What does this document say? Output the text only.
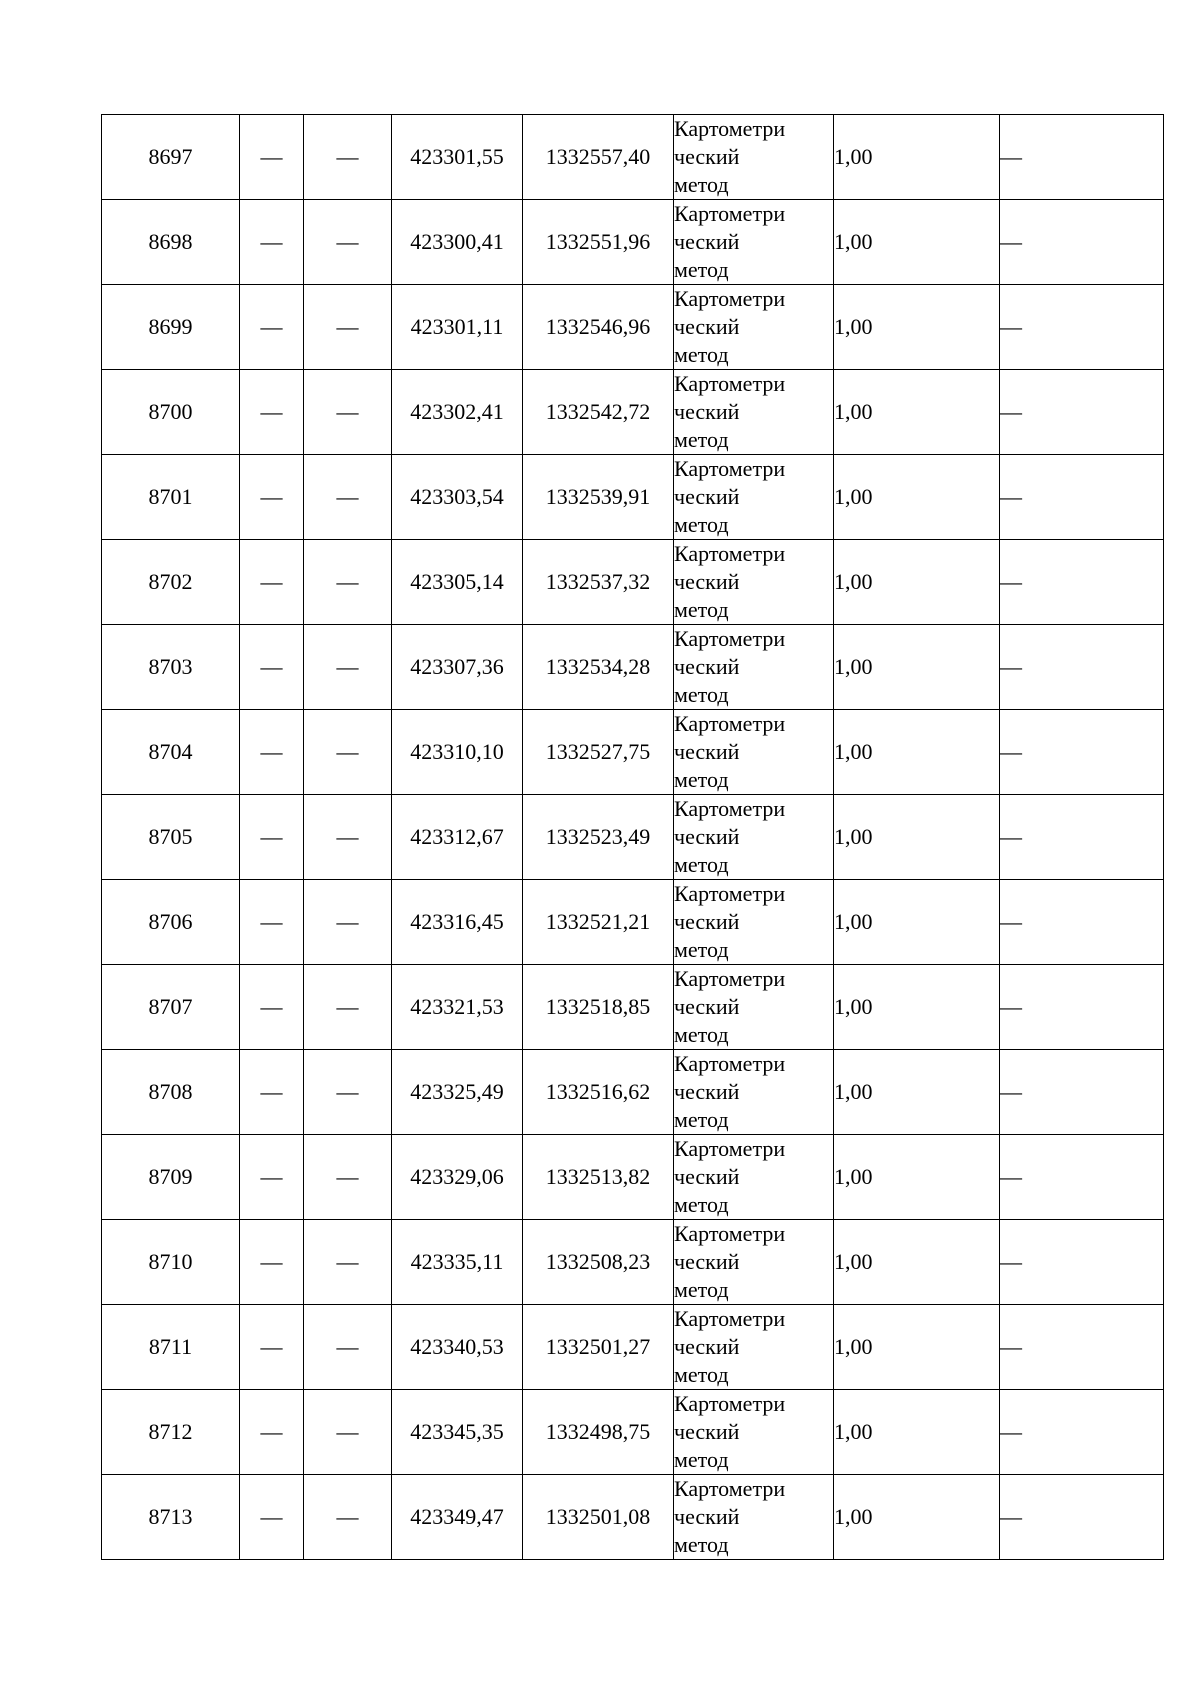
8697	—	—	423301,55	1332557,40	Картометри
ческий
метод	1,00	—
8698	—	—	423300,41	1332551,96	Картометри
ческий
метод	1,00	—
8699	—	—	423301,11	1332546,96	Картометри
ческий
метод	1,00	—
8700	—	—	423302,41	1332542,72	Картометри
ческий
метод	1,00	—
8701	—	—	423303,54	1332539,91	Картометри
ческий
метод	1,00	—
8702	—	—	423305,14	1332537,32	Картометри
ческий
метод	1,00	—
8703	—	—	423307,36	1332534,28	Картометри
ческий
метод	1,00	—
8704	—	—	423310,10	1332527,75	Картометри
ческий
метод	1,00	—
8705	—	—	423312,67	1332523,49	Картометри
ческий
метод	1,00	—
8706	—	—	423316,45	1332521,21	Картометри
ческий
метод	1,00	—
8707	—	—	423321,53	1332518,85	Картометри
ческий
метод	1,00	—
8708	—	—	423325,49	1332516,62	Картометри
ческий
метод	1,00	—
8709	—	—	423329,06	1332513,82	Картометри
ческий
метод	1,00	—
8710	—	—	423335,11	1332508,23	Картометри
ческий
метод	1,00	—
8711	—	—	423340,53	1332501,27	Картометри
ческий
метод	1,00	—
8712	—	—	423345,35	1332498,75	Картометри
ческий
метод	1,00	—
8713	—	—	423349,47	1332501,08	Картометри
ческий
метод	1,00	—
